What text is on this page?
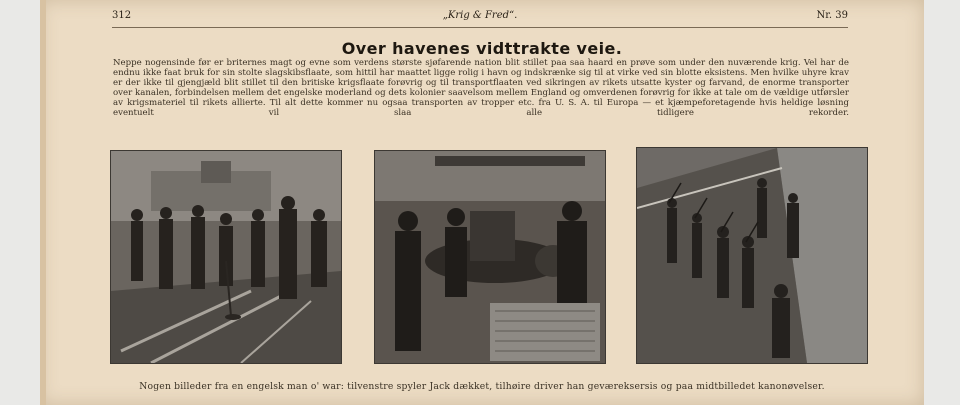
312	„Krig & Fred“.	Nr. 39
Over havenes vidttrakte veie.
Neppe nogensinde før er briternes magt og evne som verdens største sjøfarende nation blit stillet paa saa haard en prøve som under den nuværende krig. Vel har de endnu ikke faat bruk for sin stolte slagskibsflaate, som hittil har maattet ligge rolig i havn og indskrænke sig til at virke ved sin blotte eksistens. Men hvilke uhyre krav er der ikke til gjengjæld blit stillet til den britiske krigsflaate forøvrig og til transportflaaten ved sikringen av rikets utsatte kyster og farvand, de enorme transporter over kanalen, forbindelsen mellem det engelske moderland og dets kolonier saavelsom mellem England og omverdenen forøvrig for ikke at tale om de vældige utførsler av krigsmateriel til rikets allierte. Til alt dette kommer nu ogsaa transporten av tropper etc. fra U. S. A. til Europa — et kjæmpeforetagende hvis heldige løsning eventuelt vil slaa alle tidligere rekorder.
Nogen billeder fra en engelsk man o' war: tilvenstre spyler Jack dækket, tilhøire driver han geværeksersis og paa midtbilledet kanonøvelser.
